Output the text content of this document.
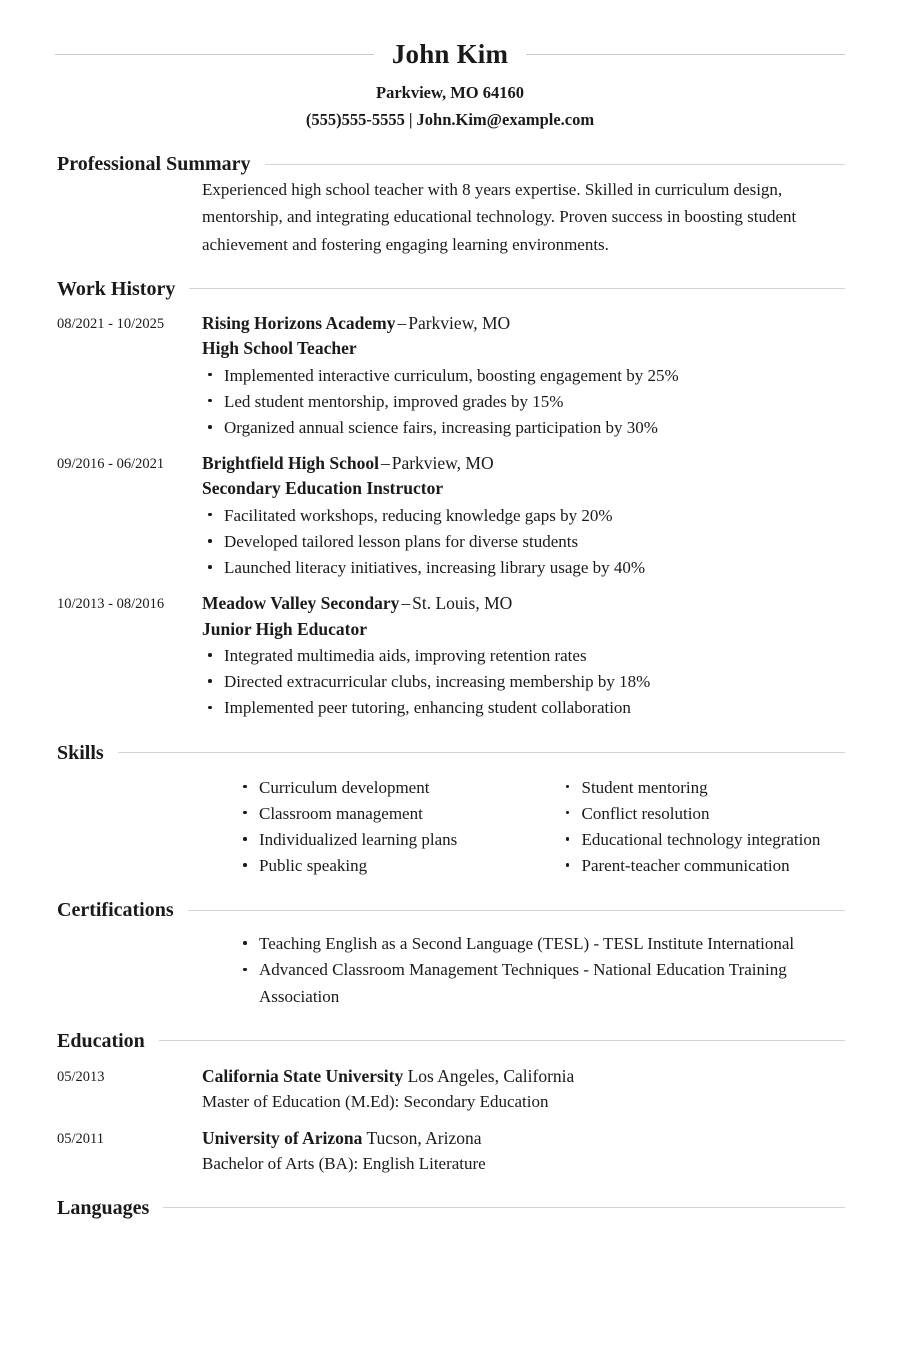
John Kim
Parkview, MO 64160
(555)555-5555 | John.Kim@example.com
Professional Summary
Experienced high school teacher with 8 years expertise. Skilled in curriculum design, mentorship, and integrating educational technology. Proven success in boosting student achievement and fostering engaging learning environments.
Work History
08/2021 - 10/2025	Rising Horizons Academy – Parkview, MO
High School Teacher
Implemented interactive curriculum, boosting engagement by 25%
Led student mentorship, improved grades by 15%
Organized annual science fairs, increasing participation by 30%
09/2016 - 06/2021	Brightfield High School – Parkview, MO
Secondary Education Instructor
Facilitated workshops, reducing knowledge gaps by 20%
Developed tailored lesson plans for diverse students
Launched literacy initiatives, increasing library usage by 40%
10/2013 - 08/2016	Meadow Valley Secondary – St. Louis, MO
Junior High Educator
Integrated multimedia aids, improving retention rates
Directed extracurricular clubs, increasing membership by 18%
Implemented peer tutoring, enhancing student collaboration
Skills
Curriculum development
Classroom management
Individualized learning plans
Public speaking
Student mentoring
Conflict resolution
Educational technology integration
Parent-teacher communication
Certifications
Teaching English as a Second Language (TESL) - TESL Institute International
Advanced Classroom Management Techniques - National Education Training Association
Education
05/2013	California State University Los Angeles, California
Master of Education (M.Ed): Secondary Education
05/2011	University of Arizona Tucson, Arizona
Bachelor of Arts (BA): English Literature
Languages
